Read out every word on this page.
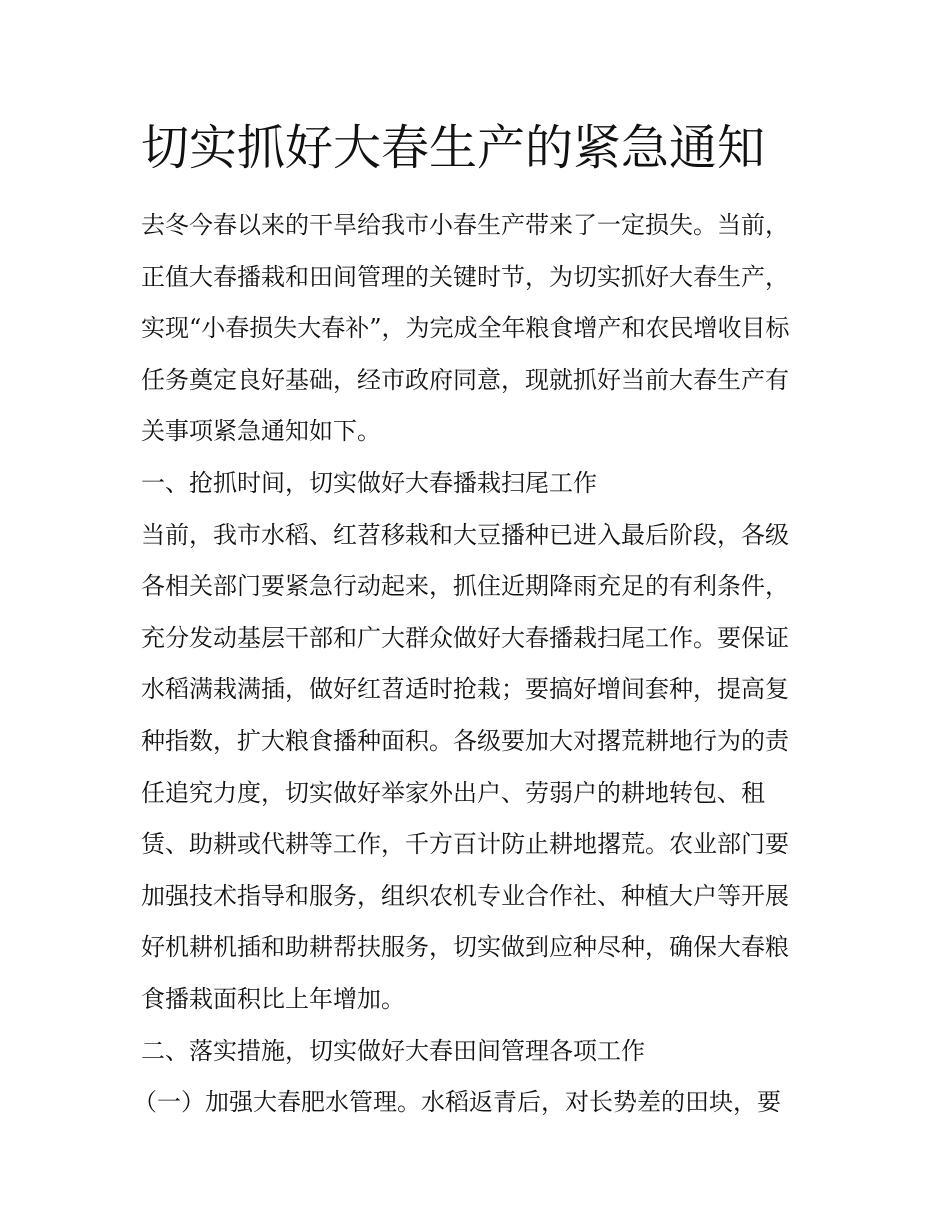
切实抓好大春生产的紧急通知
去冬今春以来的干旱给我市小春生产带来了一定损失。当前，
正值大春播栽和田间管理的关键时节，为切实抓好大春生产，
实现“小春损失大春补”，为完成全年粮食增产和农民增收目标
任务奠定良好基础，经市政府同意，现就抓好当前大春生产有
关事项紧急通知如下。
一、抢抓时间，切实做好大春播栽扫尾工作
当前，我市水稻、红苕移栽和大豆播种已进入最后阶段，各级
各相关部门要紧急行动起来，抓住近期降雨充足的有利条件，
充分发动基层干部和广大群众做好大春播栽扫尾工作。要保证
水稻满栽满插，做好红苕适时抢栽；要搞好增间套种，提高复
种指数，扩大粮食播种面积。各级要加大对撂荒耕地行为的责
任追究力度，切实做好举家外出户、劳弱户的耕地转包、租
赁、助耕或代耕等工作，千方百计防止耕地撂荒。农业部门要
加强技术指导和服务，组织农机专业合作社、种植大户等开展
好机耕机插和助耕帮扶服务，切实做到应种尽种，确保大春粮
食播栽面积比上年增加。
二、落实措施，切实做好大春田间管理各项工作
（一）加强大春肥水管理。水稻返青后，对长势差的田块，要
